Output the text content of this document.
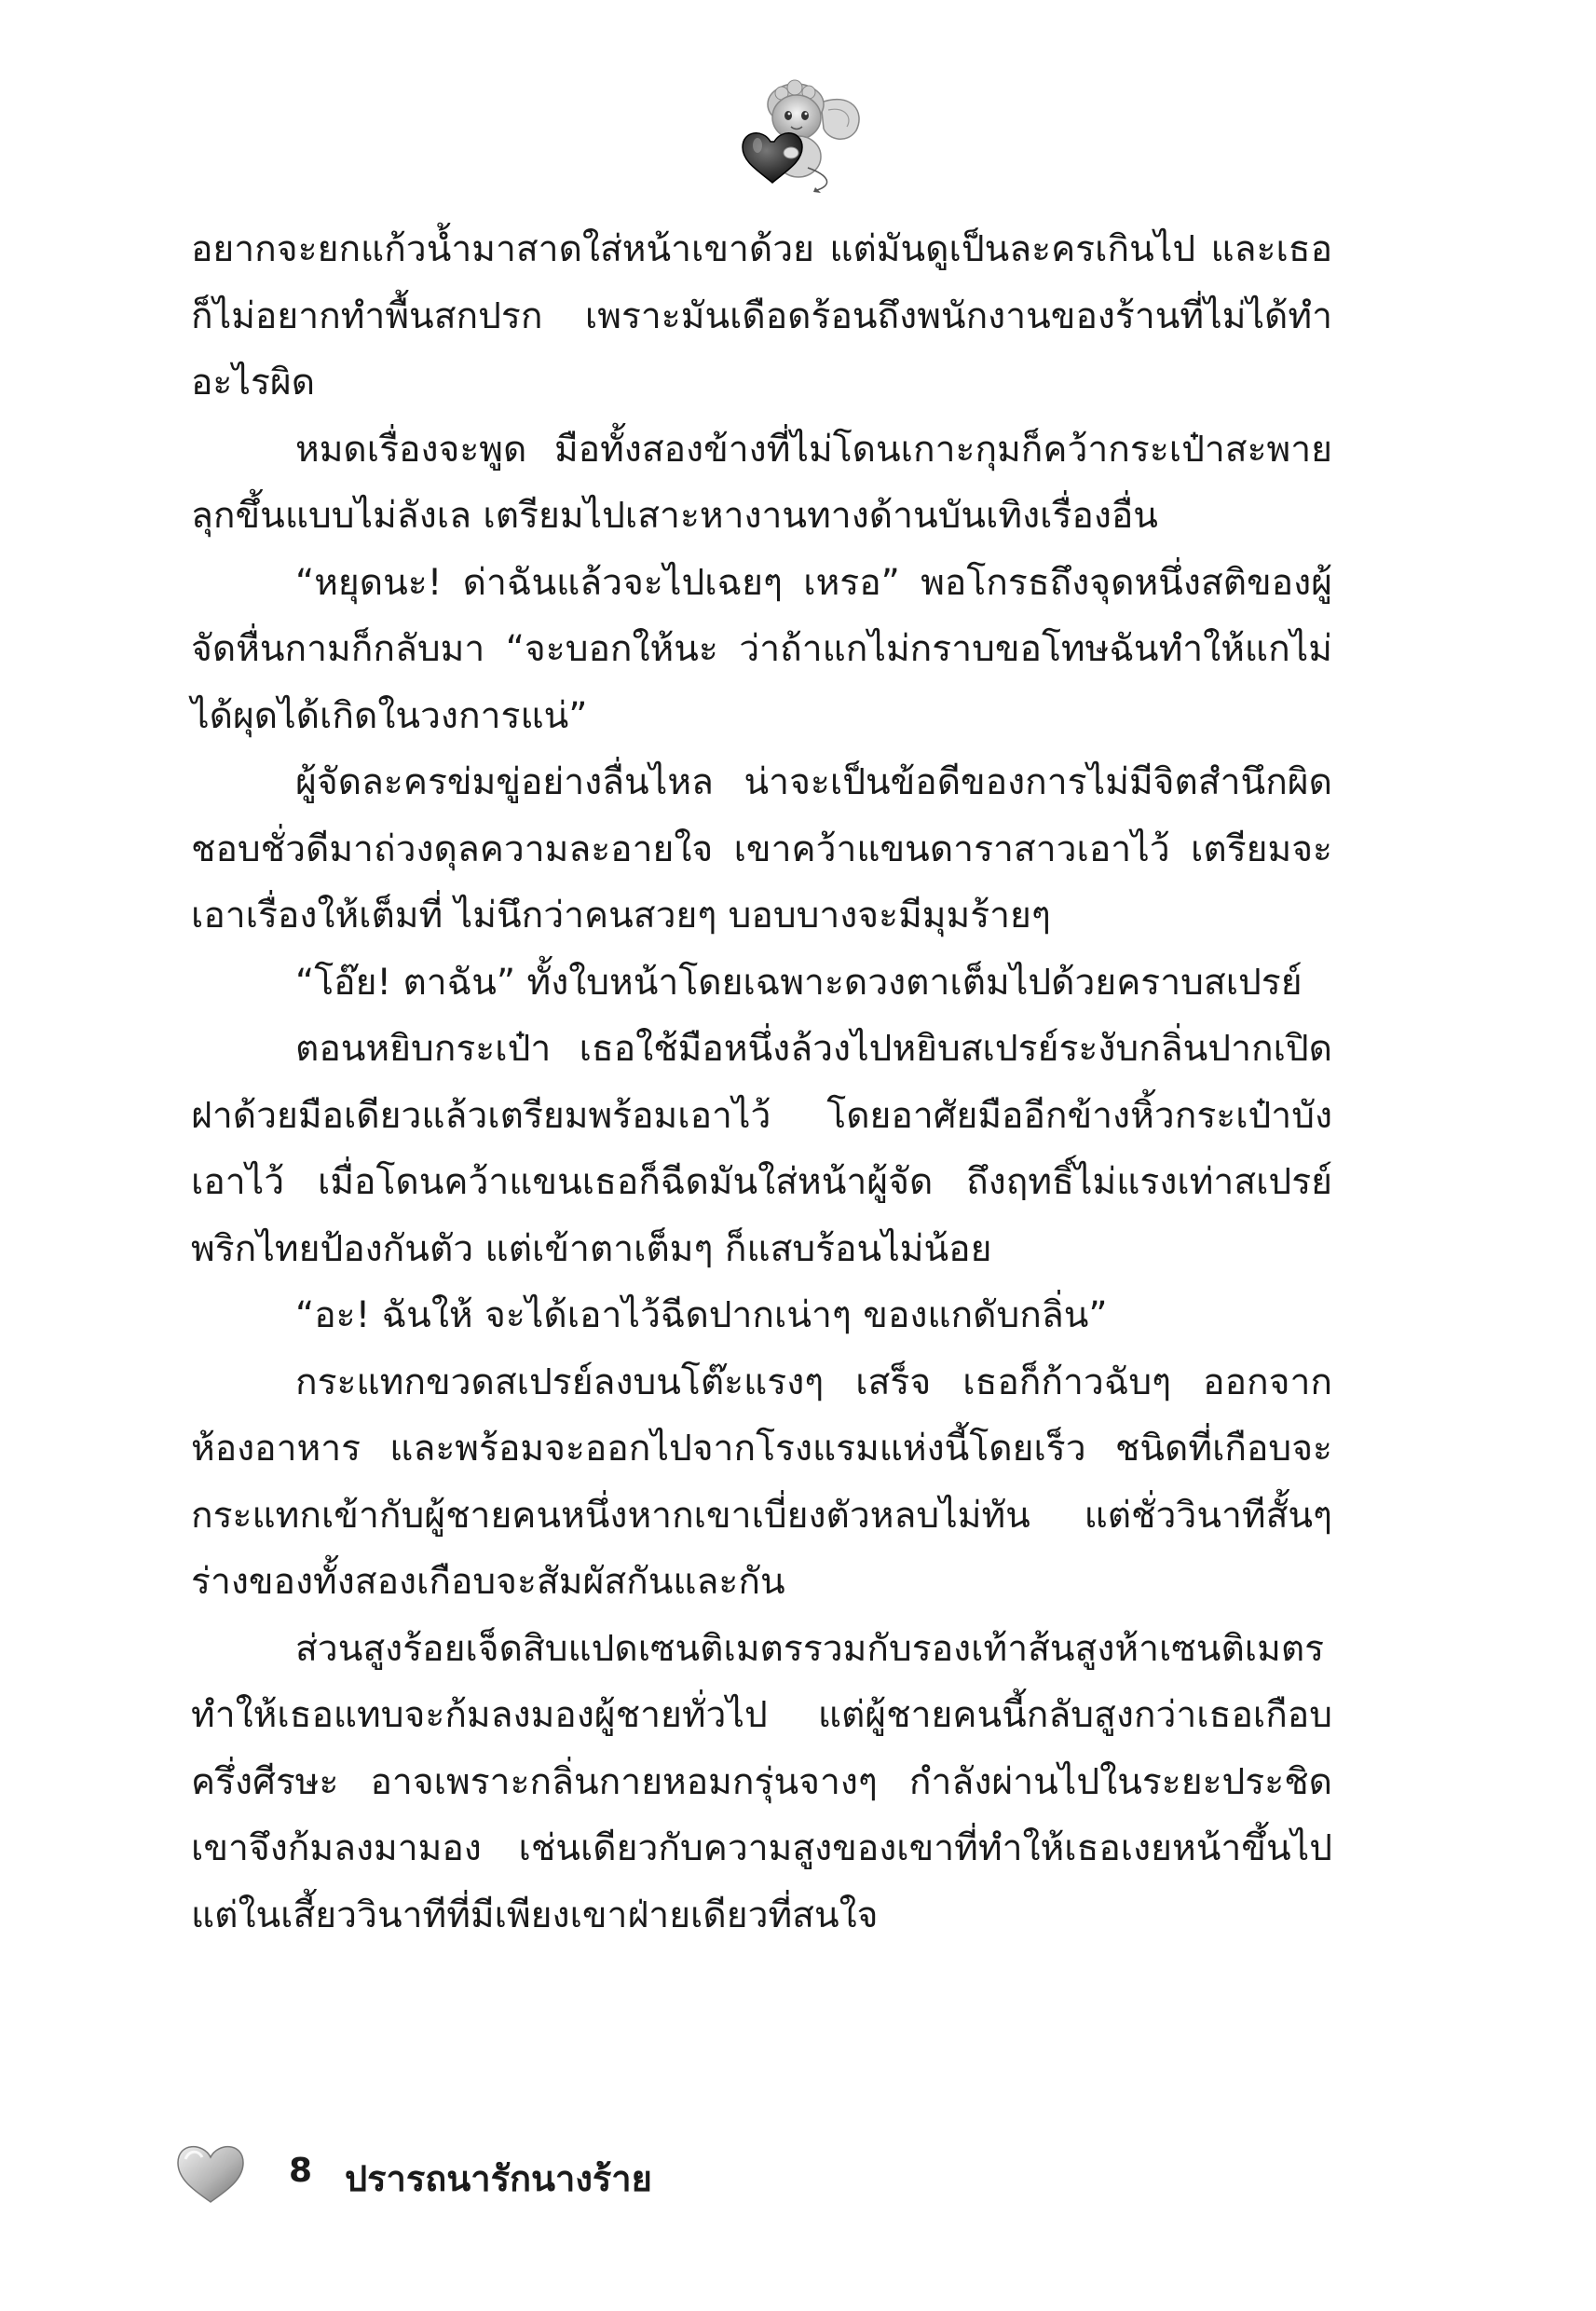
อยากจะยกแก้วน้ำมาสาดใส่หน้าเขาด้วย แต่มันดูเป็นละครเกินไป และเธอก็ไม่อยากทำพื้นสกปรก เพราะมันเดือดร้อนถึงพนักงานของร้านที่ไม่ได้ทำอะไรผิด

หมดเรื่องจะพูด มือทั้งสองข้างที่ไม่โดนเกาะกุมก็คว้ากระเป๋าสะพาย ลุกขึ้นแบบไม่ลังเล เตรียมไปเสาะหางานทางด้านบันเทิงเรื่องอื่น

“หยุดนะ! ด่าฉันแล้วจะไปเฉยๆ เหรอ” พอโกรธถึงจุดหนึ่งสติของผู้จัดหื่นกามก็กลับมา “จะบอกให้นะ ว่าถ้าแกไม่กราบขอโทษฉันทำให้แกไม่ได้ผุดได้เกิดในวงการแน่”

ผู้จัดละครข่มขู่อย่างลื่นไหล น่าจะเป็นข้อดีของการไม่มีจิตสำนึกผิดชอบชั่วดีมาถ่วงดุลความละอายใจ เขาคว้าแขนดาราสาวเอาไว้ เตรียมจะเอาเรื่องให้เต็มที่ ไม่นึกว่าคนสวยๆ บอบบางจะมีมุมร้ายๆ

“โอ๊ย! ตาฉัน” ทั้งใบหน้าโดยเฉพาะดวงตาเต็มไปด้วยคราบสเปรย์

ตอนหยิบกระเป๋า เธอใช้มือหนึ่งล้วงไปหยิบสเปรย์ระงับกลิ่นปากเปิดฝาด้วยมือเดียวแล้วเตรียมพร้อมเอาไว้ โดยอาศัยมืออีกข้างหิ้วกระเป๋าบังเอาไว้ เมื่อโดนคว้าแขนเธอก็ฉีดมันใส่หน้าผู้จัด ถึงฤทธิ์ไม่แรงเท่าสเปรย์พริกไทยป้องกันตัว แต่เข้าตาเต็มๆ ก็แสบร้อนไม่น้อย

“อะ! ฉันให้ จะได้เอาไว้ฉีดปากเน่าๆ ของแกดับกลิ่น”

กระแทกขวดสเปรย์ลงบนโต๊ะแรงๆ เสร็จ เธอก็ก้าวฉับๆ ออกจากห้องอาหาร และพร้อมจะออกไปจากโรงแรมแห่งนี้โดยเร็ว ชนิดที่เกือบจะกระแทกเข้ากับผู้ชายคนหนึ่งหากเขาเบี่ยงตัวหลบไม่ทัน แต่ชั่ววินาทีสั้นๆ ร่างของทั้งสองเกือบจะสัมผัสกันและกัน

ส่วนสูงร้อยเจ็ดสิบแปดเซนติเมตรรวมกับรองเท้าส้นสูงห้าเซนติเมตร ทำให้เธอแทบจะก้มลงมองผู้ชายทั่วไป แต่ผู้ชายคนนี้กลับสูงกว่าเธอเกือบครึ่งศีรษะ อาจเพราะกลิ่นกายหอมกรุ่นจางๆ กำลังผ่านไปในระยะประชิด เขาจึงก้มลงมามอง เช่นเดียวกับความสูงของเขาที่ทำให้เธอเงยหน้าขึ้นไป แต่ในเสี้ยววินาทีที่มีเพียงเขาฝ่ายเดียวที่สนใจ

8 ปรารถนารักนางร้าย
